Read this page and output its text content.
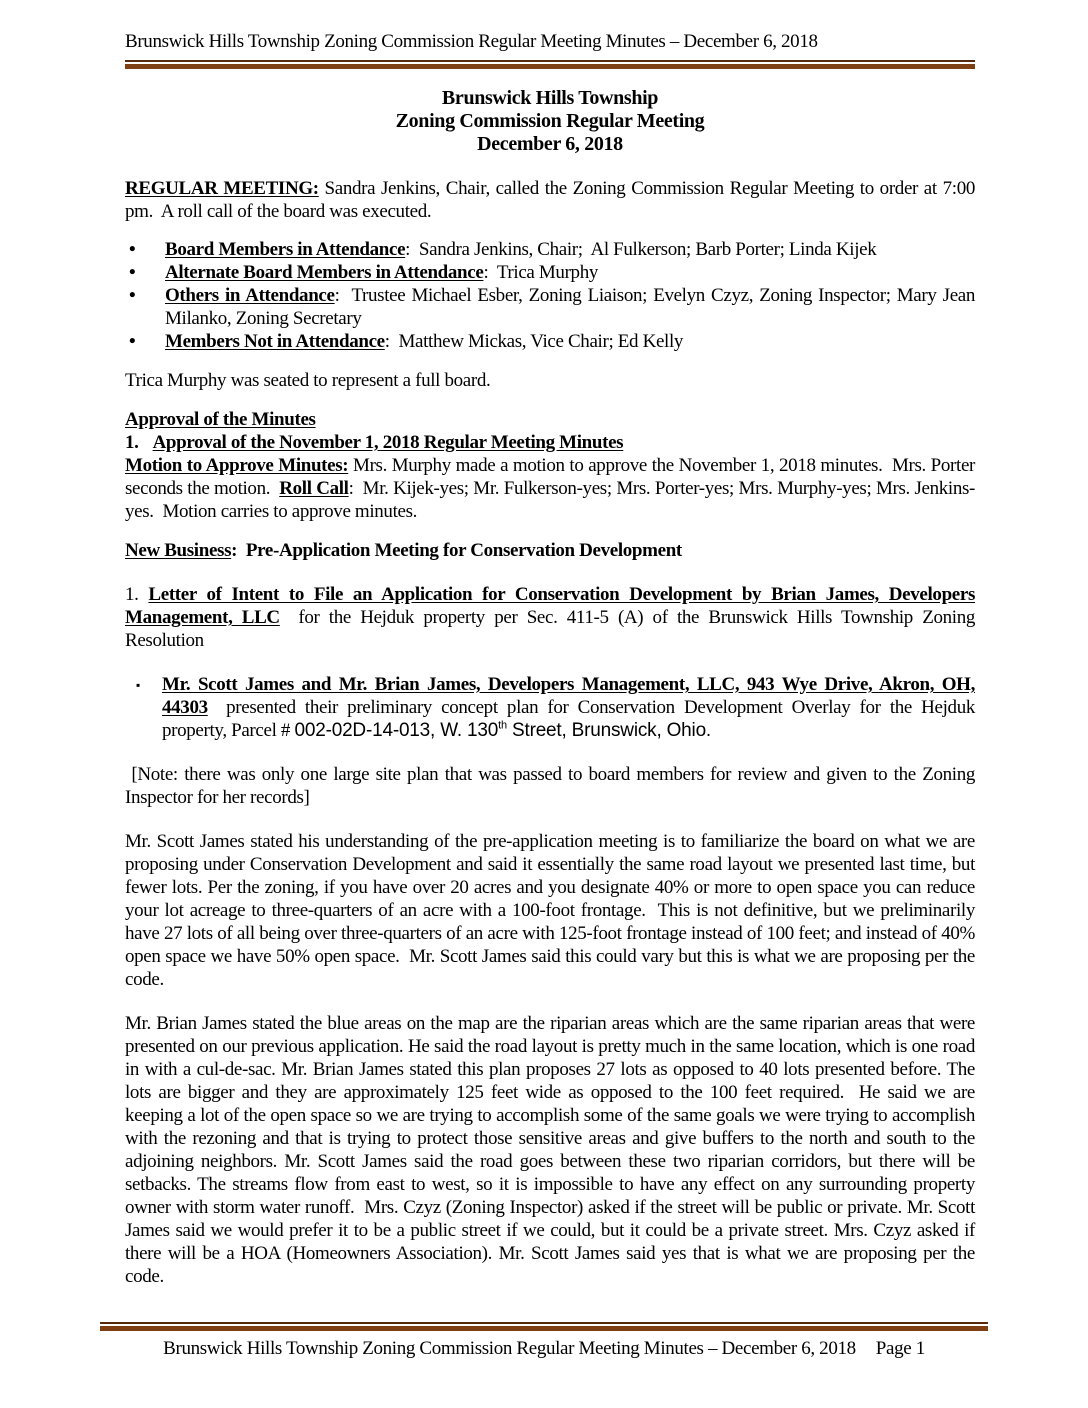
Brunswick Hills Township Zoning Commission Regular Meeting Minutes – December 6, 2018
Brunswick Hills Township
Zoning Commission Regular Meeting
December 6, 2018

REGULAR MEETING: Sandra Jenkins, Chair, called the Zoning Commission Regular Meeting to order at 7:00 pm.  A roll call of the board was executed.

• Board Members in Attendance:  Sandra Jenkins, Chair;  Al Fulkerson; Barb Porter; Linda Kijek
• Alternate Board Members in Attendance:  Trica Murphy
• Others in Attendance:  Trustee Michael Esber, Zoning Liaison; Evelyn Czyz, Zoning Inspector; Mary Jean Milanko, Zoning Secretary
• Members Not in Attendance:  Matthew Mickas, Vice Chair; Ed Kelly

Trica Murphy was seated to represent a full board.

Approval of the Minutes
1. Approval of the November 1, 2018 Regular Meeting Minutes

Motion to Approve Minutes: Mrs. Murphy made a motion to approve the November 1, 2018 minutes.  Mrs. Porter seconds the motion.  Roll Call:  Mr. Kijek-yes; Mr. Fulkerson-yes; Mrs. Porter-yes; Mrs. Murphy-yes; Mrs. Jenkins-yes.  Motion carries to approve minutes.

New Business:  Pre-Application Meeting for Conservation Development

1. Letter of Intent to File an Application for Conservation Development by Brian James, Developers Management, LLC  for the Hejduk property per Sec. 411-5 (A) of the Brunswick Hills Township Zoning Resolution

▪ Mr. Scott James and Mr. Brian James, Developers Management, LLC, 943 Wye Drive, Akron, OH, 44303  presented their preliminary concept plan for Conservation Development Overlay for the Hejduk property, Parcel # 002-02D-14-013, W. 130th Street, Brunswick, Ohio.

[Note: there was only one large site plan that was passed to board members for review and given to the Zoning Inspector for her records]

Mr. Scott James stated his understanding of the pre-application meeting is to familiarize the board on what we are proposing under Conservation Development and said it essentially the same road layout we presented last time, but fewer lots. Per the zoning, if you have over 20 acres and you designate 40% or more to open space you can reduce your lot acreage to three-quarters of an acre with a 100-foot frontage.  This is not definitive, but we preliminarily have 27 lots of all being over three-quarters of an acre with 125-foot frontage instead of 100 feet; and instead of 40% open space we have 50% open space.  Mr. Scott James said this could vary but this is what we are proposing per the code.

Mr. Brian James stated the blue areas on the map are the riparian areas which are the same riparian areas that were presented on our previous application. He said the road layout is pretty much in the same location, which is one road in with a cul-de-sac. Mr. Brian James stated this plan proposes 27 lots as opposed to 40 lots presented before. The lots are bigger and they are approximately 125 feet wide as opposed to the 100 feet required.  He said we are keeping a lot of the open space so we are trying to accomplish some of the same goals we were trying to accomplish with the rezoning and that is trying to protect those sensitive areas and give buffers to the north and south to the adjoining neighbors. Mr. Scott James said the road goes between these two riparian corridors, but there will be setbacks. The streams flow from east to west, so it is impossible to have any effect on any surrounding property owner with storm water runoff.  Mrs. Czyz (Zoning Inspector) asked if the street will be public or private. Mr. Scott James said we would prefer it to be a public street if we could, but it could be a private street. Mrs. Czyz asked if there will be a HOA (Homeowners Association). Mr. Scott James said yes that is what we are proposing per the code.

Brunswick Hills Township Zoning Commission Regular Meeting Minutes – December 6, 2018 Page 1
